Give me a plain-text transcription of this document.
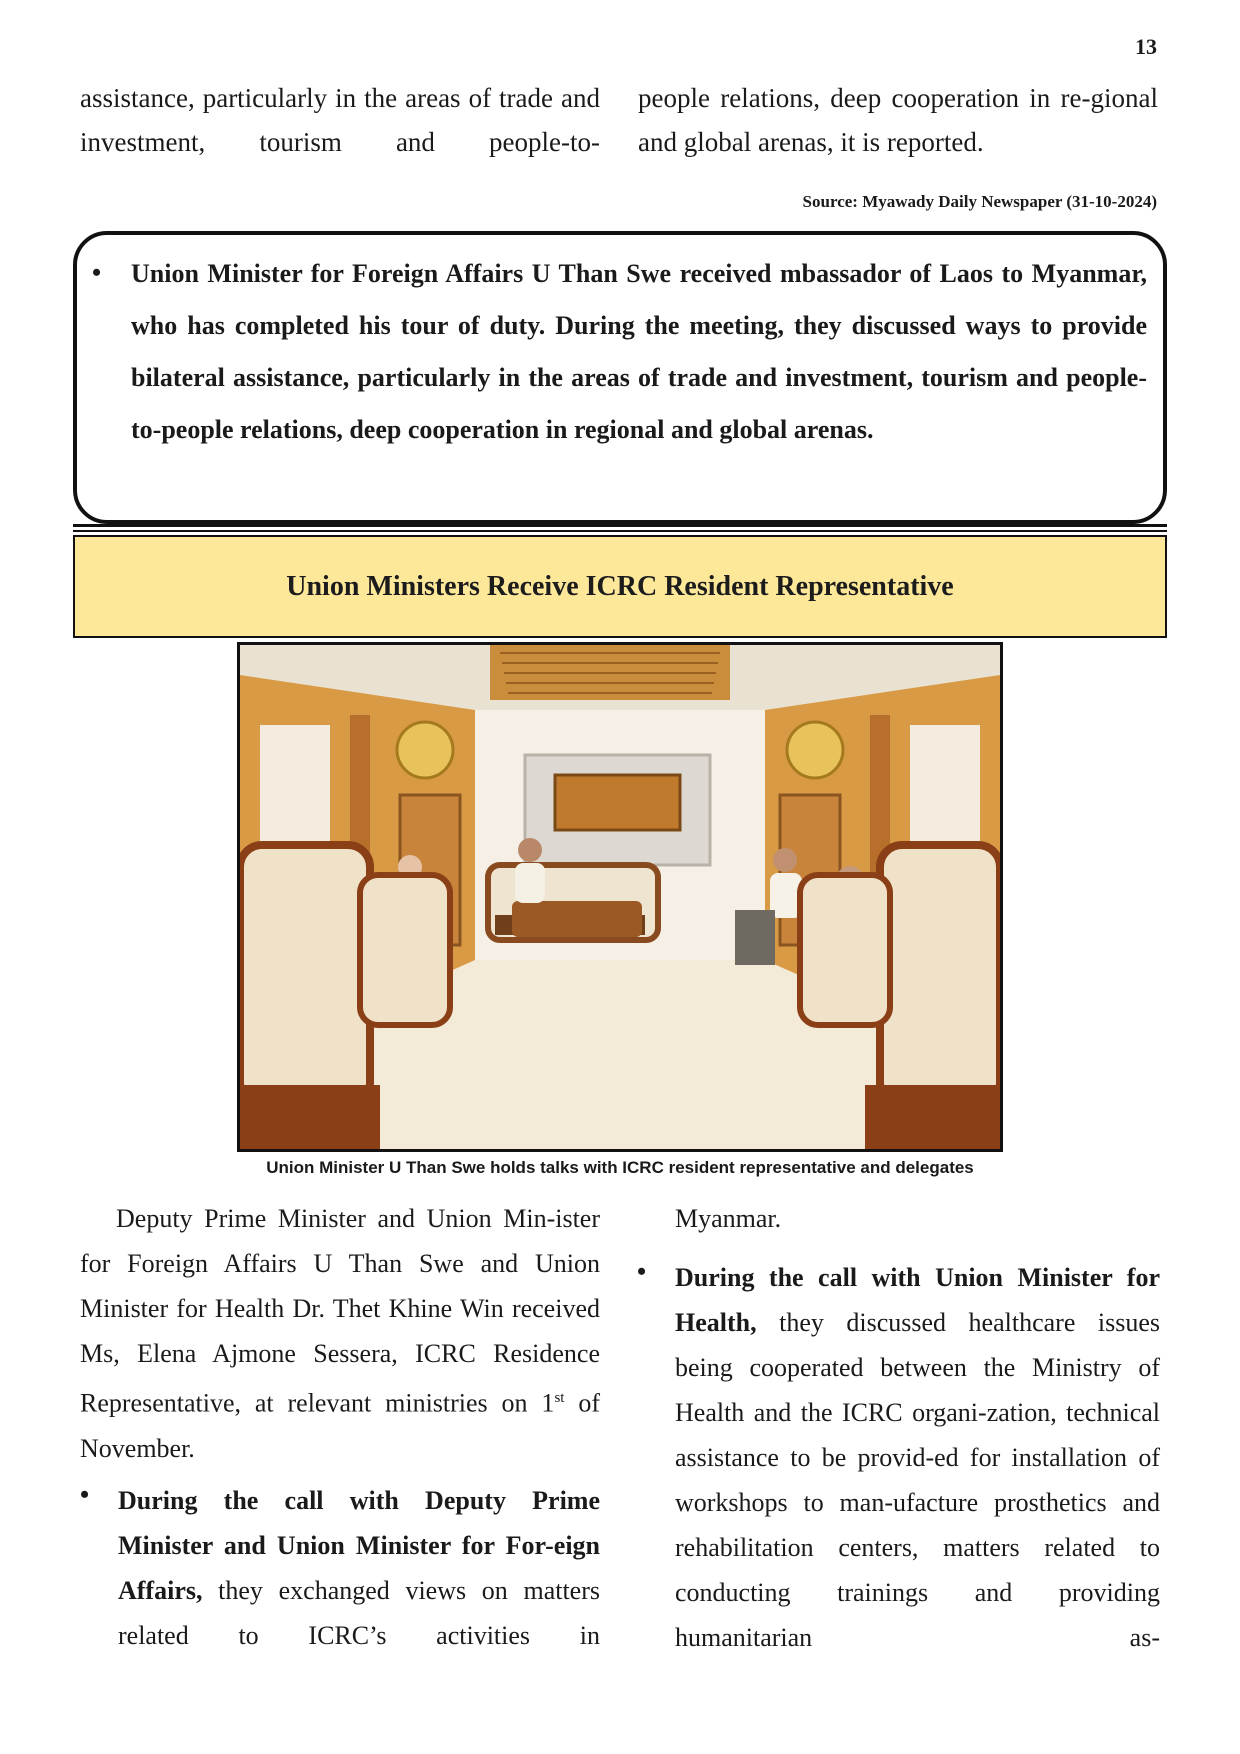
13
assistance, particularly in the areas of trade and investment, tourism and people-to-
people relations, deep cooperation in re-gional and global arenas, it is reported.
Source: Myawady Daily Newspaper (31-10-2024)
• Union Minister for Foreign Affairs U Than Swe received mbassador of Laos to Myanmar, who has completed his tour of duty. During the meeting, they discussed ways to provide bilateral assistance, particularly in the areas of trade and investment, tourism and people-to-people relations, deep cooperation in regional and global arenas.
Union Ministers Receive ICRC Resident Representative
Union Minister U Than Swe holds talks with ICRC resident representative and delegates
Deputy Prime Minister and Union Min-ister for Foreign Affairs U Than Swe and Union Minister for Health Dr. Thet Khine Win received Ms, Elena Ajmone Sessera, ICRC Residence Representative, at relevant ministries on 1st of November.
• During the call with Deputy Prime Minister and Union Minister for For-eign Affairs, they exchanged views on matters related to ICRC’s activities in
Myanmar.
• During the call with Union Minister for Health, they discussed healthcare issues being cooperated between the Ministry of Health and the ICRC organi-zation, technical assistance to be provid-ed for installation of workshops to man-ufacture prosthetics and rehabilitation centers, matters related to conducting trainings and providing humanitarian as-
